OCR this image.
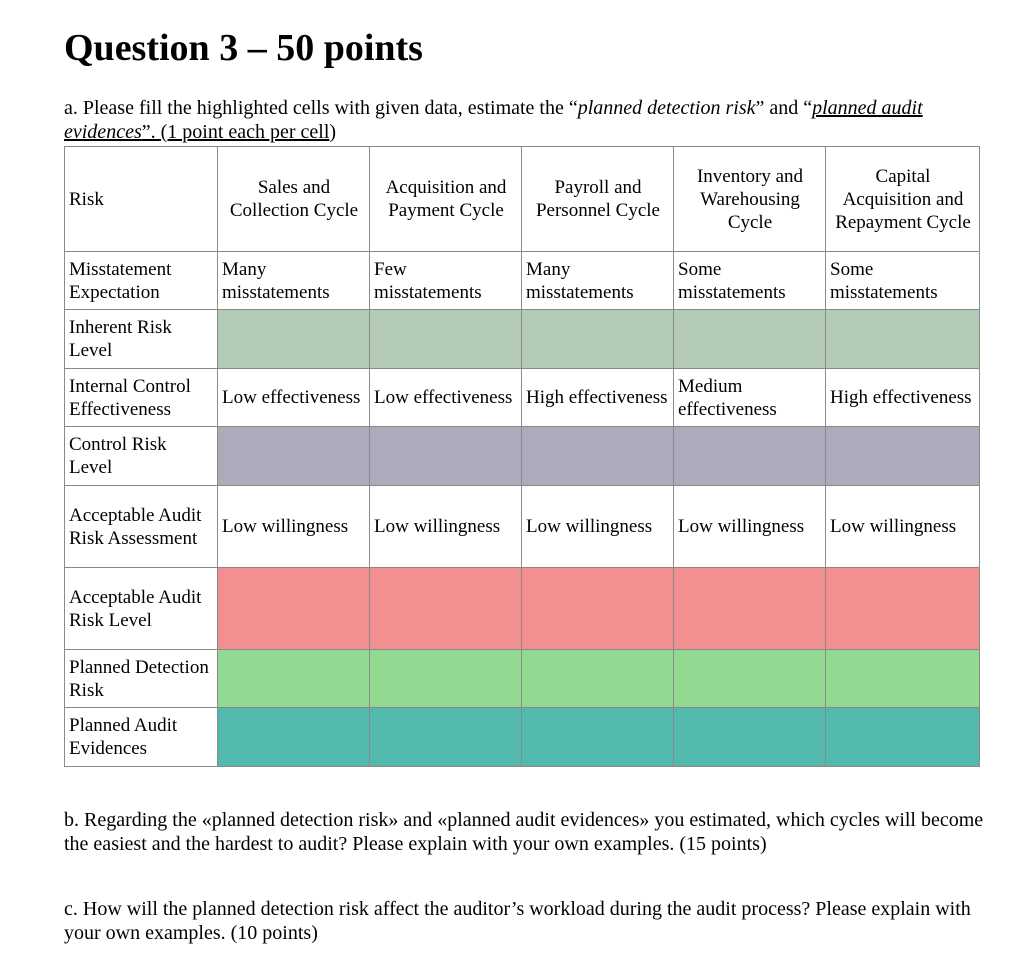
Question 3 – 50 points
a. Please fill the highlighted cells with given data, estimate the “planned detection risk” and “planned audit evidences”. (1 point each per cell)
Risk	Sales and Collection Cycle	Acquisition and Payment Cycle	Payroll and Personnel Cycle	Inventory and Warehousing Cycle	Capital Acquisition and Repayment Cycle
Misstatement Expectation	Many misstatements	Few misstatements	Many misstatements	Some misstatements	Some misstatements
Inherent Risk Level					
Internal Control Effectiveness	Low effectiveness	Low effectiveness	High effectiveness	Medium effectiveness	High effectiveness
Control Risk Level					
Acceptable Audit Risk Assessment	Low willingness	Low willingness	Low willingness	Low willingness	Low willingness
Acceptable Audit Risk Level					
Planned Detection Risk					
Planned Audit Evidences					
b. Regarding the «planned detection risk» and «planned audit evidences» you estimated, which cycles will become the easiest and the hardest to audit? Please explain with your own examples. (15 points)
c. How will the planned detection risk affect the auditor’s workload during the audit process? Please explain with your own examples. (10 points)
